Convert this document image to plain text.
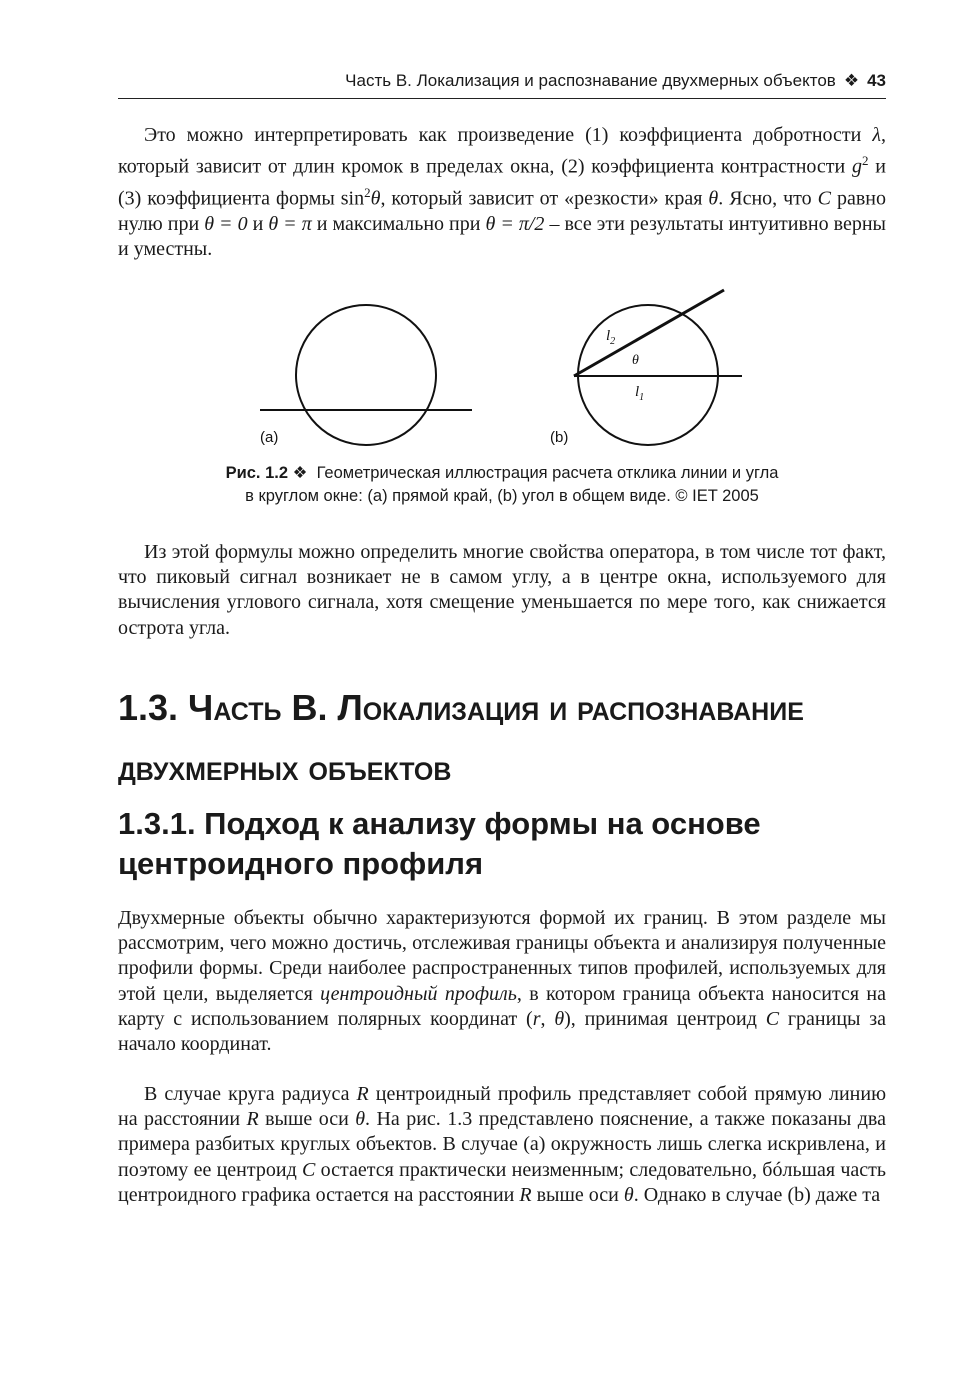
Часть B. Локализация и распознавание двухмерных объектов ❖ 43

Это можно интерпретировать как произведение (1) коэффициента добротности λ, который зависит от длин кромок в пределах окна, (2) коэффициента контрастности $g^2$ и (3) коэффициента формы $\sin^2\theta$, который зависит от «резкости» края θ. Ясно, что C равно нулю при θ = 0 и θ = π и максимально при θ = π/2 – все эти результаты интуитивно верны и уместны.

(a)
$l_2$
θ
$l_1$
(b)

Рис. 1.2 ❖ Геометрическая иллюстрация расчета отклика линии и угла
в круглом окне: (a) прямой край, (b) угол в общем виде. © IET 2005

Из этой формулы можно определить многие свойства оператора, в том числе тот факт, что пиковый сигнал возникает не в самом углу, а в центре окна, используемого для вычисления углового сигнала, хотя смещение уменьшается по мере того, как снижается острота угла.

1.3. Часть B. Локализация и распознавание двухмерных объектов
1.3.1. Подход к анализу формы на основе центроидного профиля

Двухмерные объекты обычно характеризуются формой их границ. В этом разделе мы рассмотрим, чего можно достичь, отслеживая границы объекта и анализируя полученные профили формы. Среди наиболее распространенных типов профилей, используемых для этой цели, выделяется центроидный профиль, в котором граница объекта наносится на карту с использованием полярных координат (r, θ), принимая центроид C границы за начало координат.

В случае круга радиуса R центроидный профиль представляет собой прямую линию на расстоянии R выше оси θ. На рис. 1.3 представлено пояснение, а также показаны два примера разбитых круглых объектов. В случае (a) окружность лишь слегка искривлена, и поэтому ее центроид C остается практически неизменным; следовательно, бóльшая часть центроидного графика остается на расстоянии R выше оси θ. Однако в случае (b) даже та
